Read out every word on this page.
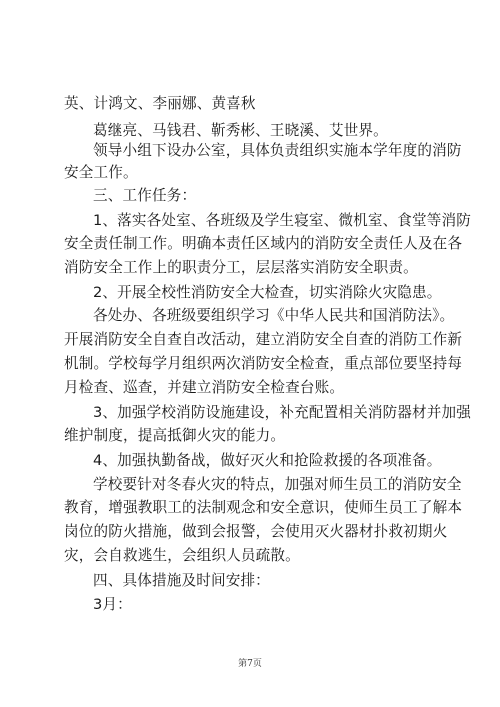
英、计鸿文、李丽娜、黄喜秋
葛继亮、马钱君、靳秀彬、王晓溪、艾世界。
领导小组下设办公室，具体负责组织实施本学年度的消防
安全工作。
三、工作任务：
1、落实各处室、各班级及学生寝室、微机室、食堂等消防
安全责任制工作。明确本责任区域内的消防安全责任人及在各
消防安全工作上的职责分工，层层落实消防安全职责。
2、开展全校性消防安全大检查，切实消除火灾隐患。
各处办、各班级要组织学习《中华人民共和国消防法》。
开展消防安全自查自改活动，建立消防安全自查的消防工作新
机制。学校每学月组织两次消防安全检查，重点部位要坚持每
月检查、巡查，并建立消防安全检查台账。
3、加强学校消防设施建设，补充配置相关消防器材并加强
维护制度，提高抵御火灾的能力。
4、加强执勤备战，做好灭火和抢险救援的各项准备。
学校要针对冬春火灾的特点，加强对师生员工的消防安全
教育，增强教职工的法制观念和安全意识，使师生员工了解本
岗位的防火措施，做到会报警，会使用灭火器材扑救初期火
灾，会自救逃生，会组织人员疏散。
四、具体措施及时间安排：
3月：
第7页
